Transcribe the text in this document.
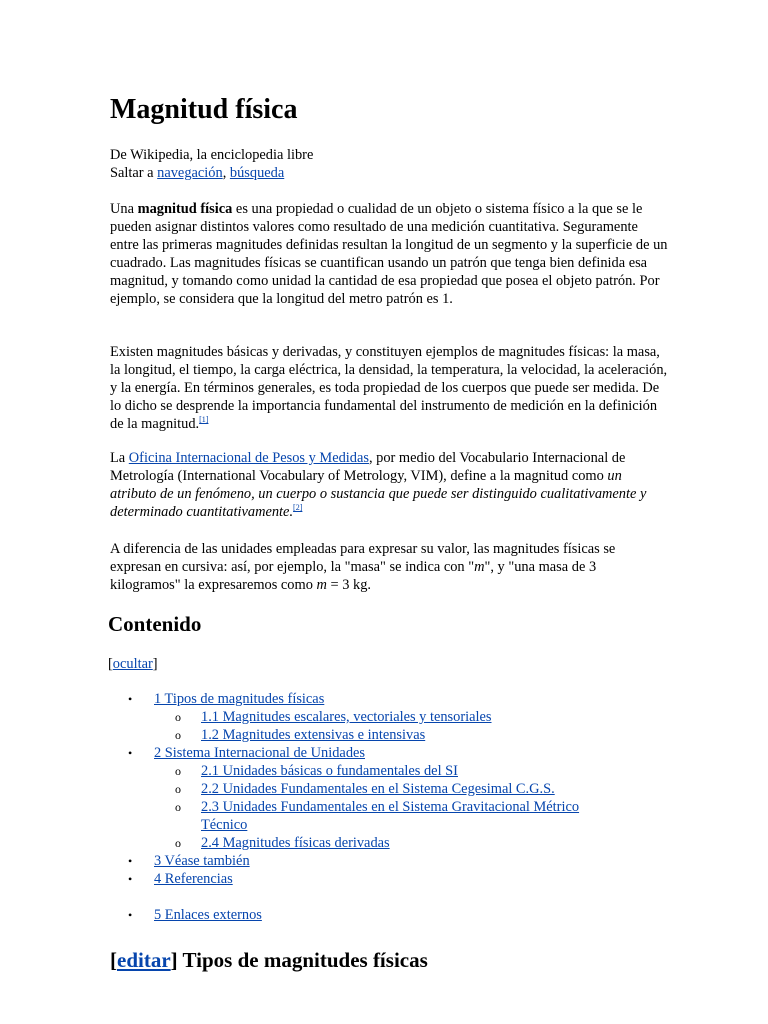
Magnitud física
De Wikipedia, la enciclopedia libre
Saltar a navegación, búsqueda

Una magnitud física es una propiedad o cualidad de un objeto o sistema físico a la que se le pueden asignar distintos valores como resultado de una medición cuantitativa. Seguramente entre las primeras magnitudes definidas resultan la longitud de un segmento y la superficie de un cuadrado. Las magnitudes físicas se cuantifican usando un patrón que tenga bien definida esa magnitud, y tomando como unidad la cantidad de esa propiedad que posea el objeto patrón. Por ejemplo, se considera que la longitud del metro patrón es 1.

Existen magnitudes básicas y derivadas, y constituyen ejemplos de magnitudes físicas: la masa, la longitud, el tiempo, la carga eléctrica, la densidad, la temperatura, la velocidad, la aceleración, y la energía. En términos generales, es toda propiedad de los cuerpos que puede ser medida. De lo dicho se desprende la importancia fundamental del instrumento de medición en la definición de la magnitud.[1]

La Oficina Internacional de Pesos y Medidas, por medio del Vocabulario Internacional de Metrología (International Vocabulary of Metrology, VIM), define a la magnitud como un atributo de un fenómeno, un cuerpo o sustancia que puede ser distinguido cualitativamente y determinado cuantitativamente.[2]

A diferencia de las unidades empleadas para expresar su valor, las magnitudes físicas se expresan en cursiva: así, por ejemplo, la "masa" se indica con "m", y "una masa de 3 kilogramos" la expresaremos como m = 3 kg.

Contenido
[ocultar]
• 1 Tipos de magnitudes físicas
o 1.1 Magnitudes escalares, vectoriales y tensoriales
o 1.2 Magnitudes extensivas e intensivas
• 2 Sistema Internacional de Unidades
o 2.1 Unidades básicas o fundamentales del SI
o 2.2 Unidades Fundamentales en el Sistema Cegesimal C.G.S.
o 2.3 Unidades Fundamentales en el Sistema Gravitacional Métrico Técnico
o 2.4 Magnitudes físicas derivadas
• 3 Véase también
• 4 Referencias
• 5 Enlaces externos
[editar] Tipos de magnitudes físicas
